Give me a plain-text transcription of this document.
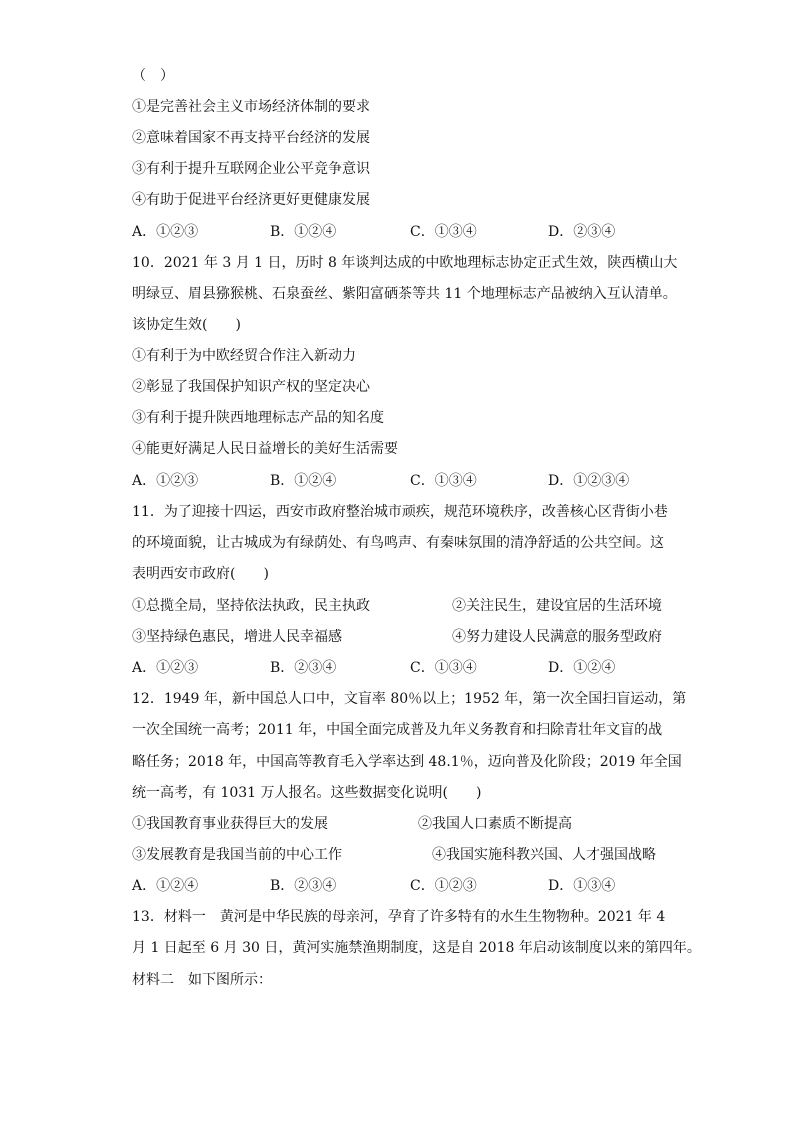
（　）
①是完善社会主义市场经济体制的要求
②意味着国家不再支持平台经济的发展
③有利于提升互联网企业公平竞争意识
④有助于促进平台经济更好更健康发展
A．①②③	B．①②④	C．①③④	D．②③④
10．2021 年 3 月 1 日，历时 8 年谈判达成的中欧地理标志协定正式生效，陕西横山大
明绿豆、眉县猕猴桃、石泉蚕丝、紫阳富硒茶等共 11 个地理标志产品被纳入互认清单。
该协定生效(　　)
①有利于为中欧经贸合作注入新动力
②彰显了我国保护知识产权的坚定决心
③有利于提升陕西地理标志产品的知名度
④能更好满足人民日益增长的美好生活需要
A．①②③	B．①②④	C．①③④	D．①②③④
11．为了迎接十四运，西安市政府整治城市顽疾，规范环境秩序，改善核心区背街小巷
的环境面貌，让古城成为有绿荫处、有鸟鸣声、有秦味氛围的清净舒适的公共空间。这
表明西安市政府(　　)
①总揽全局，坚持依法执政，民主执政	②关注民生，建设宜居的生活环境
③坚持绿色惠民，增进人民幸福感	④努力建设人民满意的服务型政府
A．①②③	B．②③④	C．①③④	D．①②④
12．1949 年，新中国总人口中，文盲率 80％以上；1952 年，第一次全国扫盲运动，第
一次全国统一高考；2011 年，中国全面完成普及九年义务教育和扫除青壮年文盲的战
略任务；2018 年，中国高等教育毛入学率达到 48.1％，迈向普及化阶段；2019 年全国
统一高考，有 1031 万人报名。这些数据变化说明(　　)
①我国教育事业获得巨大的发展	②我国人口素质不断提高
③发展教育是我国当前的中心工作	④我国实施科教兴国、人才强国战略
A．①②④	B．②③④	C．①②③	D．①③④
13．材料一　黄河是中华民族的母亲河，孕育了许多特有的水生生物物种。2021 年 4
月 1 日起至 6 月 30 日，黄河实施禁渔期制度，这是自 2018 年启动该制度以来的第四年。
材料二　如下图所示：
